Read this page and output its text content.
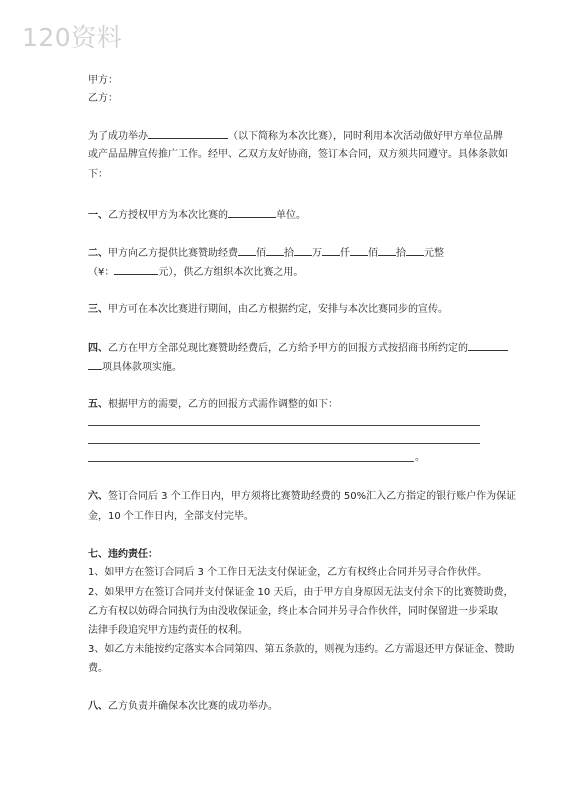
120资料
甲方：
乙方：
为了成功举办	（以下简称为本次比赛），同时利用本次活动做好甲方单位品牌
或产品品牌宣传推广工作。经甲、乙双方友好协商，签订本合同，双方须共同遵守。具体条款如
下：
一、乙方授权甲方为本次比赛的	单位。
二、甲方向乙方提供比赛赞助经费 佰 拾 万 仟 佰 拾 元整
（¥：	元），供乙方组织本次比赛之用。
三、甲方可在本次比赛进行期间，由乙方根据约定，安排与本次比赛同步的宣传。
四、乙方在甲方全部兑现比赛赞助经费后，乙方给予甲方的回报方式按招商书所约定的
项具体款项实施。
五、根据甲方的需要，乙方的回报方式需作调整的如下：
。
六、签订合同后 3 个工作日内，甲方须将比赛赞助经费的 50%汇入乙方指定的银行账户作为保证
金，10 个工作日内，全部支付完毕。
七、违约责任：
1、如甲方在签订合同后 3 个工作日无法支付保证金，乙方有权终止合同并另寻合作伙伴。
2、如果甲方在签订合同并支付保证金 10 天后，由于甲方自身原因无法支付余下的比赛赞助费，
乙方有权以妨碍合同执行为由没收保证金，终止本合同并另寻合作伙伴，同时保留进一步采取
法律手段追究甲方违约责任的权利。
3、如乙方未能按约定落实本合同第四、第五条款的，则视为违约。乙方需退还甲方保证金、赞助
费。
八、乙方负责并确保本次比赛的成功举办。
